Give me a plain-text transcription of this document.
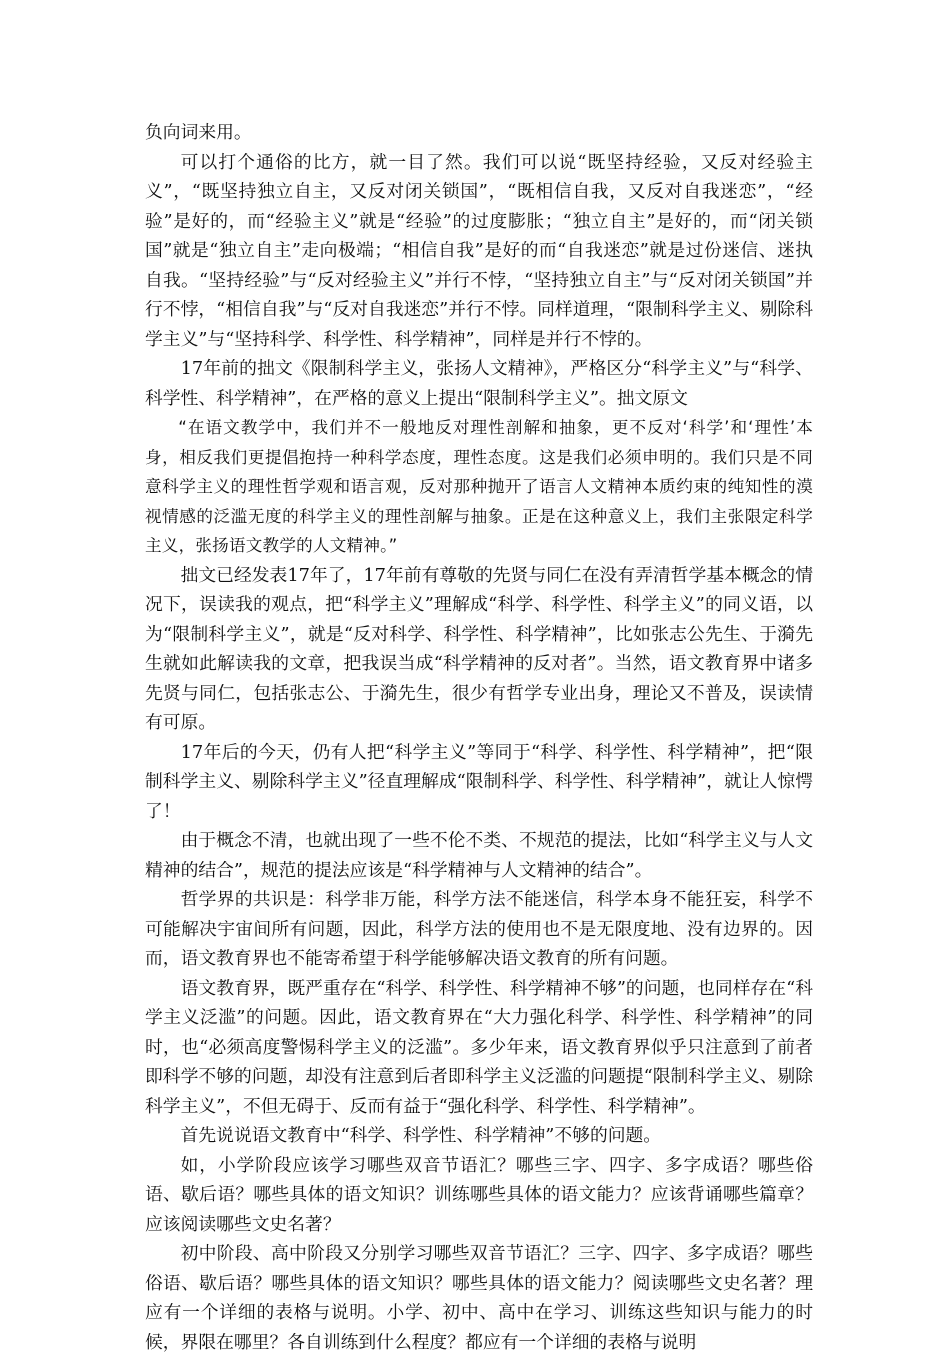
负向词来用。

可以打个通俗的比方，就一目了然。我们可以说“既坚持经验，又反对经验主义”，“既坚持独立自主，又反对闭关锁国”，“既相信自我，又反对自我迷恋”，“经验”是好的，而“经验主义”就是“经验”的过度膨胀；“独立自主”是好的，而“闭关锁国”就是“独立自主”走向极端；“相信自我”是好的而“自我迷恋”就是过份迷信、迷执自我。“坚持经验”与“反对经验主义”并行不悖，“坚持独立自主”与“反对闭关锁国”并行不悖，“相信自我”与“反对自我迷恋”并行不悖。同样道理，“限制科学主义、剔除科学主义”与“坚持科学、科学性、科学精神”，同样是并行不悖的。

17年前的拙文《限制科学主义，张扬人文精神》，严格区分“科学主义”与“科学、科学性、科学精神”，在严格的意义上提出“限制科学主义”。拙文原文

“在语文教学中，我们并不一般地反对理性剖解和抽象，更不反对‘科学’和‘理性’本身，相反我们更提倡抱持一种科学态度，理性态度。这是我们必须申明的。我们只是不同意科学主义的理性哲学观和语言观，反对那种抛开了语言人文精神本质约束的纯知性的漠视情感的泛滥无度的科学主义的理性剖解与抽象。正是在这种意义上，我们主张限定科学主义，张扬语文教学的人文精神。”

拙文已经发表17年了，17年前有尊敬的先贤与同仁在没有弄清哲学基本概念的情况下，误读我的观点，把“科学主义”理解成“科学、科学性、科学主义”的同义语，以为“限制科学主义”，就是“反对科学、科学性、科学精神”，比如张志公先生、于漪先生就如此解读我的文章，把我误当成“科学精神的反对者”。当然，语文教育界中诸多先贤与同仁，包括张志公、于漪先生，很少有哲学专业出身，理论又不普及，误读情有可原。

17年后的今天，仍有人把“科学主义”等同于“科学、科学性、科学精神”，把“限制科学主义、剔除科学主义”径直理解成“限制科学、科学性、科学精神”，就让人惊愕了！

由于概念不清，也就出现了一些不伦不类、不规范的提法，比如“科学主义与人文精神的结合”，规范的提法应该是“科学精神与人文精神的结合”。

哲学界的共识是：科学非万能，科学方法不能迷信，科学本身不能狂妄，科学不可能解决宇宙间所有问题，因此，科学方法的使用也不是无限度地、没有边界的。因而，语文教育界也不能寄希望于科学能够解决语文教育的所有问题。

语文教育界，既严重存在“科学、科学性、科学精神不够”的问题，也同样存在“科学主义泛滥”的问题。因此，语文教育界在“大力强化科学、科学性、科学精神”的同时，也“必须高度警惕科学主义的泛滥”。多少年来，语文教育界似乎只注意到了前者即科学不够的问题，却没有注意到后者即科学主义泛滥的问题提“限制科学主义、剔除科学主义”，不但无碍于、反而有益于“强化科学、科学性、科学精神”。

首先说说语文教育中“科学、科学性、科学精神”不够的问题。

如，小学阶段应该学习哪些双音节语汇？哪些三字、四字、多字成语？哪些俗语、歇后语？哪些具体的语文知识？训练哪些具体的语文能力？应该背诵哪些篇章？应该阅读哪些文史名著？

初中阶段、高中阶段又分别学习哪些双音节语汇？三字、四字、多字成语？哪些俗语、歇后语？哪些具体的语文知识？哪些具体的语文能力？阅读哪些文史名著？理应有一个详细的表格与说明。小学、初中、高中在学习、训练这些知识与能力的时候，界限在哪里？各自训练到什么程度？都应有一个详细的表格与说明
